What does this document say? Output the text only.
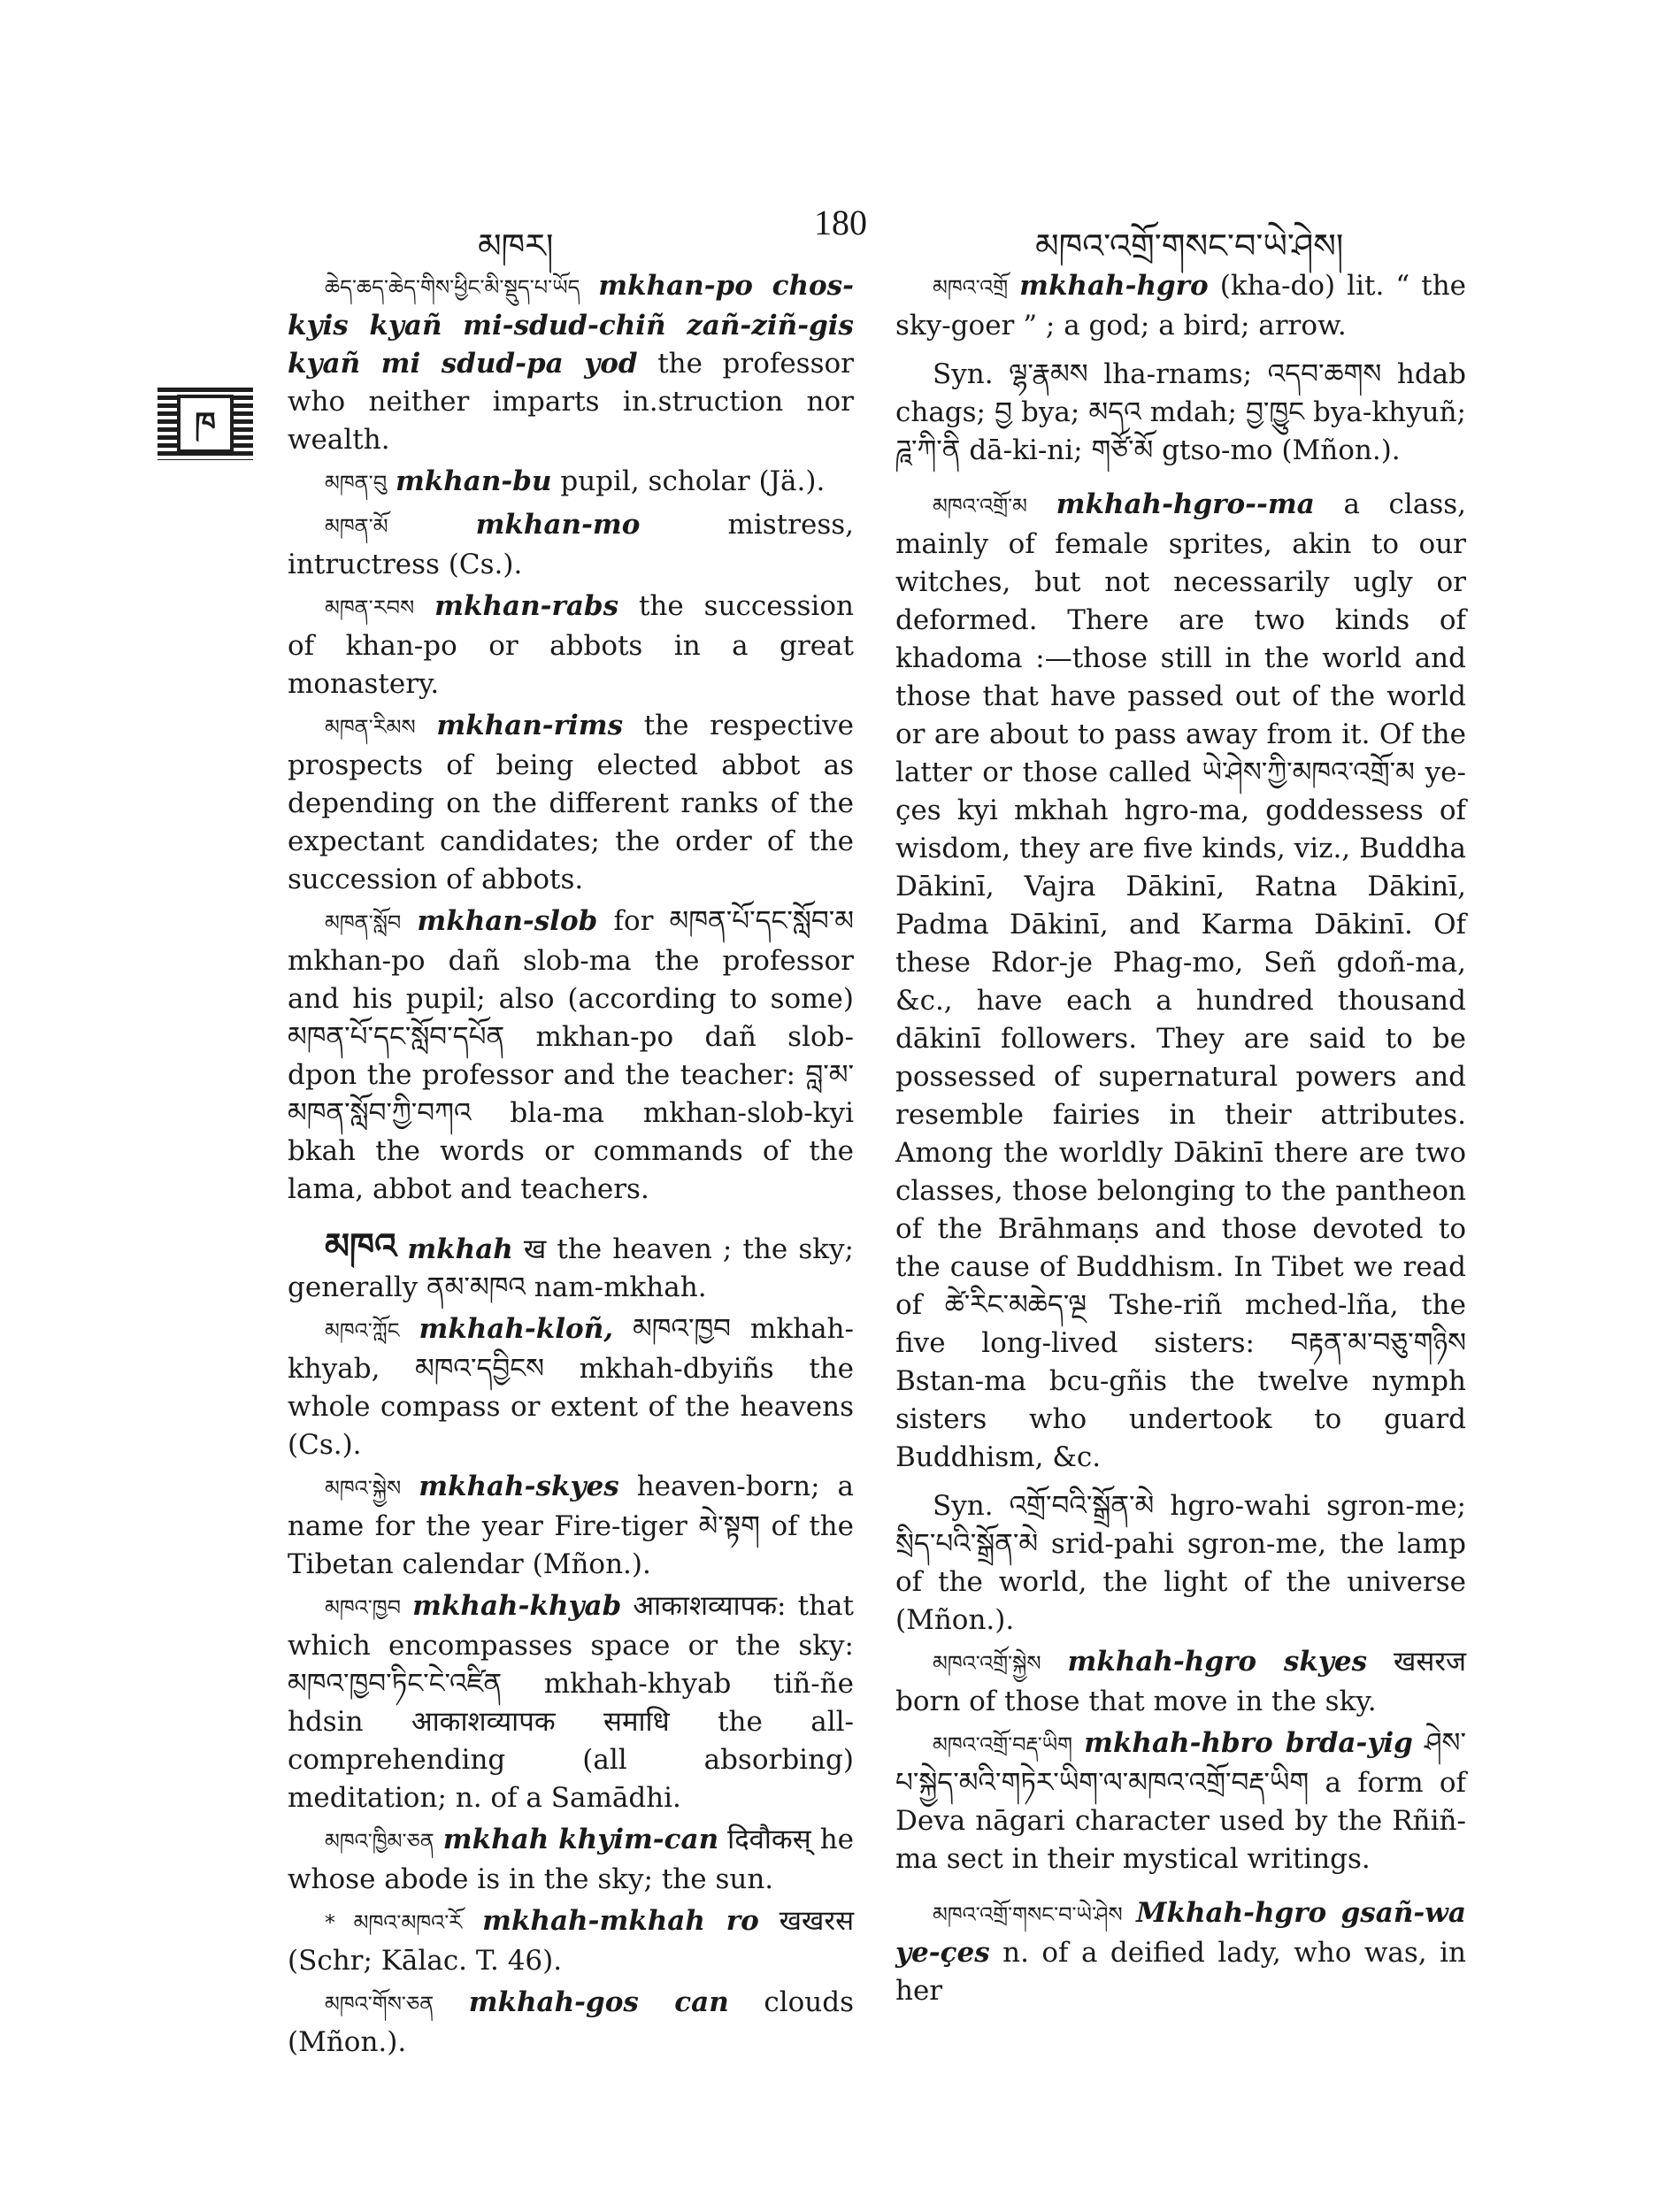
མཁར།
180
མཁའ་འགྲོ་གསང་བ་ཡེ་ཤེས།
ཁ

ཆེད་ཆད་ཆེད་གིས་ཕྱིང་མི་སྡུད་པ་ཡོད mkhan-po chos-kyis kyañ mi-sdud-chiñ zañ-ziñ-gis kyañ mi sdud-pa yod the professor who neither imparts in.struction nor wealth.

མཁན་བུ mkhan-bu pupil, scholar (Jä.).

མཁན་མོ	mkhan-mo	mistress, intructress (Cs.).

མཁན་རབས mkhan-rabs the succession of khan-po or abbots in a great monastery.

མཁན་རིམས mkhan-rims the respective prospects of being elected abbot as depending on the different ranks of the expectant candidates; the order of the succession of abbots.

མཁན་སློབ mkhan-slob for མཁན་པོ་དང་སློབ་མ mkhan-po dañ slob-ma the professor and his pupil; also (according to some) མཁན་པོ་དང་སློབ་དཔོན mkhan-po dañ slob-dpon the professor and the teacher: བླ་མ་མཁན་སློབ་ཀྱི་བཀའ bla-ma mkhan-slob-kyi bkah the words or commands of the lama, abbot and teachers.

མཁའ mkhah ख the heaven ; the sky; generally ནམ་མཁའ nam-mkhah.

མཁའ་ཀློང mkhah-kloñ, མཁའ་ཁྱབ mkhah-khyab, མཁའ་དབྱིངས mkhah-dbyiñs the whole compass or extent of the heavens (Cs.).

མཁའ་སྐྱེས mkhah-skyes heaven-born; a name for the year Fire-tiger མེ་སྟག of the Tibetan calendar (Mñon.).

མཁའ་ཁྱབ mkhah-khyab आकाशव्यापक: that which encompasses space or the sky: མཁའ་ཁྱབ་ཏིང་ངེ་འཛིན mkhah-khyab tiñ-ñe hdsin आकाशव्यापक समाधि the all-comprehending (all absorbing) meditation; n. of a Samādhi.

མཁའ་ཁྱིམ་ཅན mkhah khyim-can दिवौकस् he whose abode is in the sky; the sun.

* མཁའ་མཁའ་རོ mkhah-mkhah ro खखरस (Schr; Kālac. T. 46).

མཁའ་གོས་ཅན mkhah-gos can clouds (Mñon.).

མཁའ་འགྲོ mkhah-hgro (kha-do) lit. “ the sky-goer ” ; a god; a bird; arrow.

Syn. ལྷ་རྣམས lha-rnams; འདབ་ཆགས hdab chags; བྱ bya; མདའ mdah; བྱ་ཁྱུང bya-khyuñ; ཌཱ་ཀི་ནི dā-ki-ni; གཙོ་མོ gtso-mo (Mñon.).

མཁའ་འགྲོ་མ mkhah-hgro--ma a class, mainly of female sprites, akin to our witches, but not necessarily ugly or deformed. There are two kinds of khadoma :—those still in the world and those that have passed out of the world or are about to pass away from it. Of the latter or those called ཡེ་ཤེས་ཀྱི་མཁའ་འགྲོ་མ ye-çes kyi mkhah hgro-ma, goddessess of wisdom, they are five kinds, viz., Buddha Dākinī, Vajra Dākinī, Ratna Dākinī, Padma Dākinī, and Karma Dākinī. Of these Rdor-je Phag-mo, Señ gdoñ-ma, &c., have each a hundred thousand dākinī followers. They are said to be possessed of supernatural powers and resemble fairies in their attributes. Among the worldly Dākinī there are two classes, those belonging to the pantheon of the Brāhmaṇs and those devoted to the cause of Buddhism. In Tibet we read of ཚེ་རིང་མཆེད་ལྔ Tshe-riñ mched-lña, the five long-lived sisters: བརྟན་མ་བཅུ་གཉིས Bstan-ma bcu-gñis the twelve nymph sisters who undertook to guard Buddhism, &c.

Syn. འགྲོ་བའི་སྒྲོན་མེ hgro-wahi sgron-me; སྲིད་པའི་སྒྲོན་མེ srid-pahi sgron-me, the lamp of the world, the light of the universe (Mñon.).

མཁའ་འགྲོ་སྐྱེས mkhah-hgro skyes खसरज born of those that move in the sky.

མཁའ་འགྲོ་བརྡ་ཡིག mkhah-hbro brda-yig ཤེས་པ་སྐྱེད་མའི་གཏེར་ཡིག་ལ་མཁའ་འགྲོ་བརྡ་ཡིག a form of Deva nāgari character used by the Rñiñ-ma sect in their mystical writings.

མཁའ་འགྲོ་གསང་བ་ཡེ་ཤེས Mkhah-hgro gsañ-wa ye-çes n. of a deified lady, who was, in her
